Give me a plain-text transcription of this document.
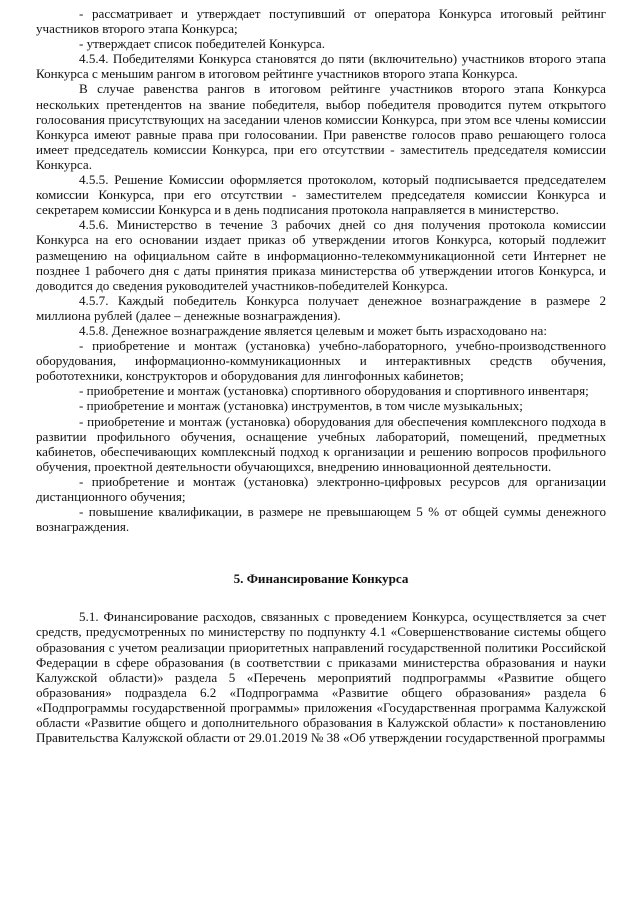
- рассматривает и утверждает поступивший от оператора Конкурса итоговый рейтинг участников второго этапа Конкурса;

- утверждает список победителей Конкурса.

4.5.4. Победителями Конкурса становятся до пяти (включительно) участников второго этапа Конкурса с меньшим рангом в итоговом рейтинге участников второго этапа Конкурса.

В случае равенства рангов в итоговом рейтинге участников второго этапа Конкурса нескольких претендентов на звание победителя, выбор победителя проводится путем открытого голосования присутствующих на заседании членов комиссии Конкурса, при этом все члены комиссии Конкурса имеют равные права при голосовании. При равенстве голосов право решающего голоса имеет председатель комиссии Конкурса, при его отсутствии - заместитель председателя комиссии Конкурса.

4.5.5. Решение Комиссии оформляется протоколом, который подписывается председателем комиссии Конкурса, при его отсутствии - заместителем председателя комиссии Конкурса и секретарем комиссии Конкурса и в день подписания протокола направляется в министерство.

4.5.6. Министерство в течение 3 рабочих дней со дня получения протокола комиссии Конкурса на его основании издает приказ об утверждении итогов Конкурса, который подлежит размещению на официальном сайте в информационно-телекоммуникационной сети Интернет не позднее 1 рабочего дня с даты принятия приказа министерства об утверждении итогов Конкурса, и доводится до сведения руководителей участников-победителей Конкурса.

4.5.7. Каждый победитель Конкурса получает денежное вознаграждение в размере 2 миллиона рублей (далее – денежные вознаграждения).

4.5.8. Денежное вознаграждение является целевым и может быть израсходовано на:

- приобретение и монтаж (установка) учебно-лабораторного, учебно-производственного оборудования, информационно-коммуникационных и интерактивных средств обучения, робототехники, конструкторов и оборудования для лингофонных кабинетов;

- приобретение и монтаж (установка) спортивного оборудования и спортивного инвентаря;

- приобретение и монтаж (установка) инструментов, в том числе музыкальных;

- приобретение и монтаж (установка) оборудования для обеспечения комплексного подхода в развитии профильного обучения, оснащение учебных лабораторий, помещений, предметных кабинетов, обеспечивающих комплексный подход к организации и решению вопросов профильного обучения, проектной деятельности обучающихся, внедрению инновационной деятельности.

- приобретение и монтаж (установка) электронно-цифровых ресурсов для организации дистанционного обучения;

- повышение квалификации, в размере не превышающем 5 % от общей суммы денежного вознаграждения.

5. Финансирование Конкурса

5.1. Финансирование расходов, связанных с проведением Конкурса, осуществляется за счет средств, предусмотренных по министерству по подпункту 4.1 «Совершенствование системы общего образования с учетом реализации приоритетных направлений государственной политики Российской Федерации в сфере образования (в соответствии с приказами министерства образования и науки Калужской области)» раздела 5 «Перечень мероприятий подпрограммы «Развитие общего образования» подраздела 6.2 «Подпрограмма «Развитие общего образования» раздела 6 «Подпрограммы государственной программы» приложения «Государственная программа Калужской области «Развитие общего и дополнительного образования в Калужской области» к постановлению Правительства Калужской области от 29.01.2019 № 38 «Об утверждении государственной программы
